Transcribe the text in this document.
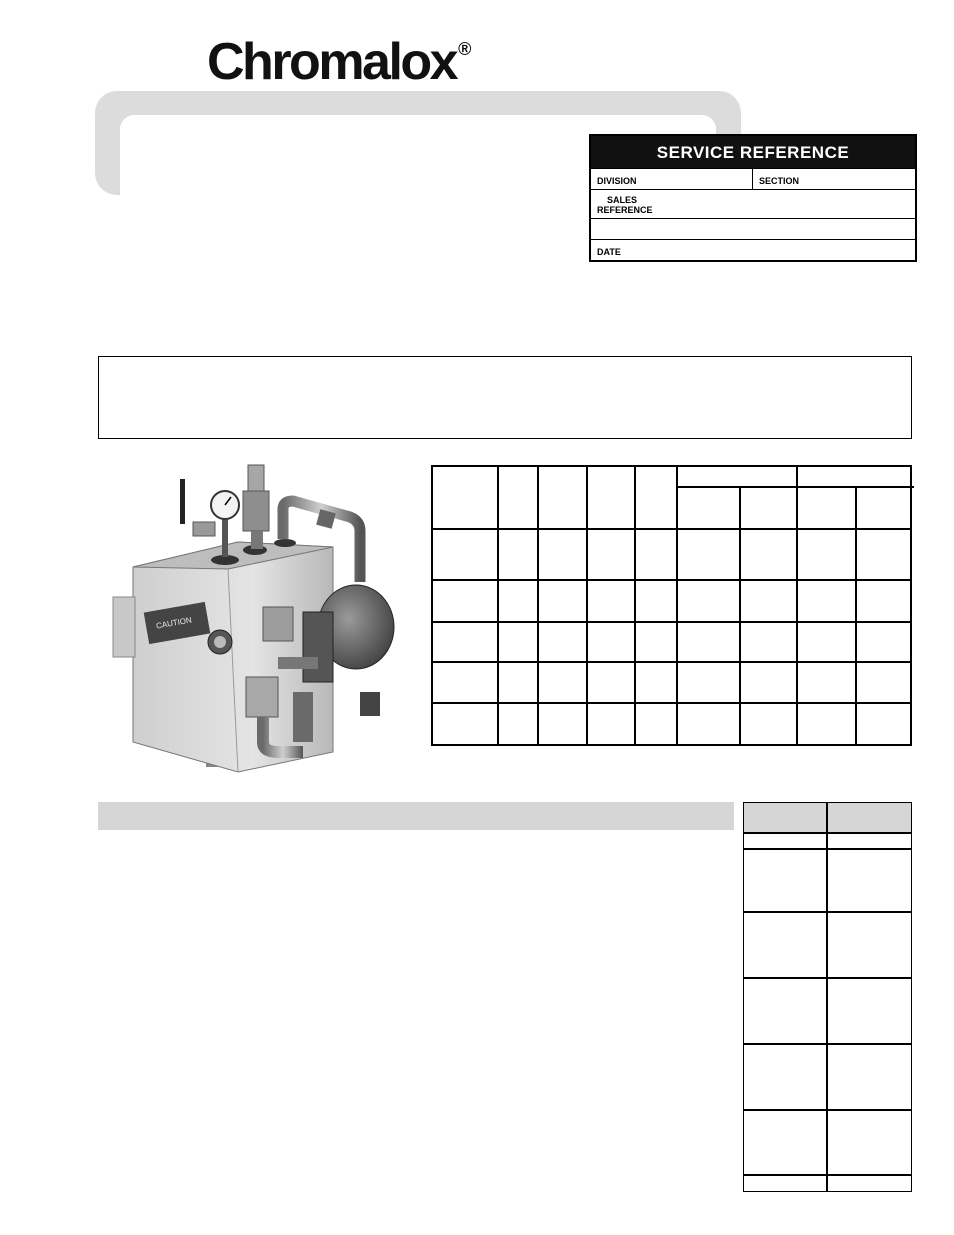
Chromalox ®
SERVICE REFERENCE
DIVISION	SECTION
SALES
REFERENCE
DATE
CAUTION
